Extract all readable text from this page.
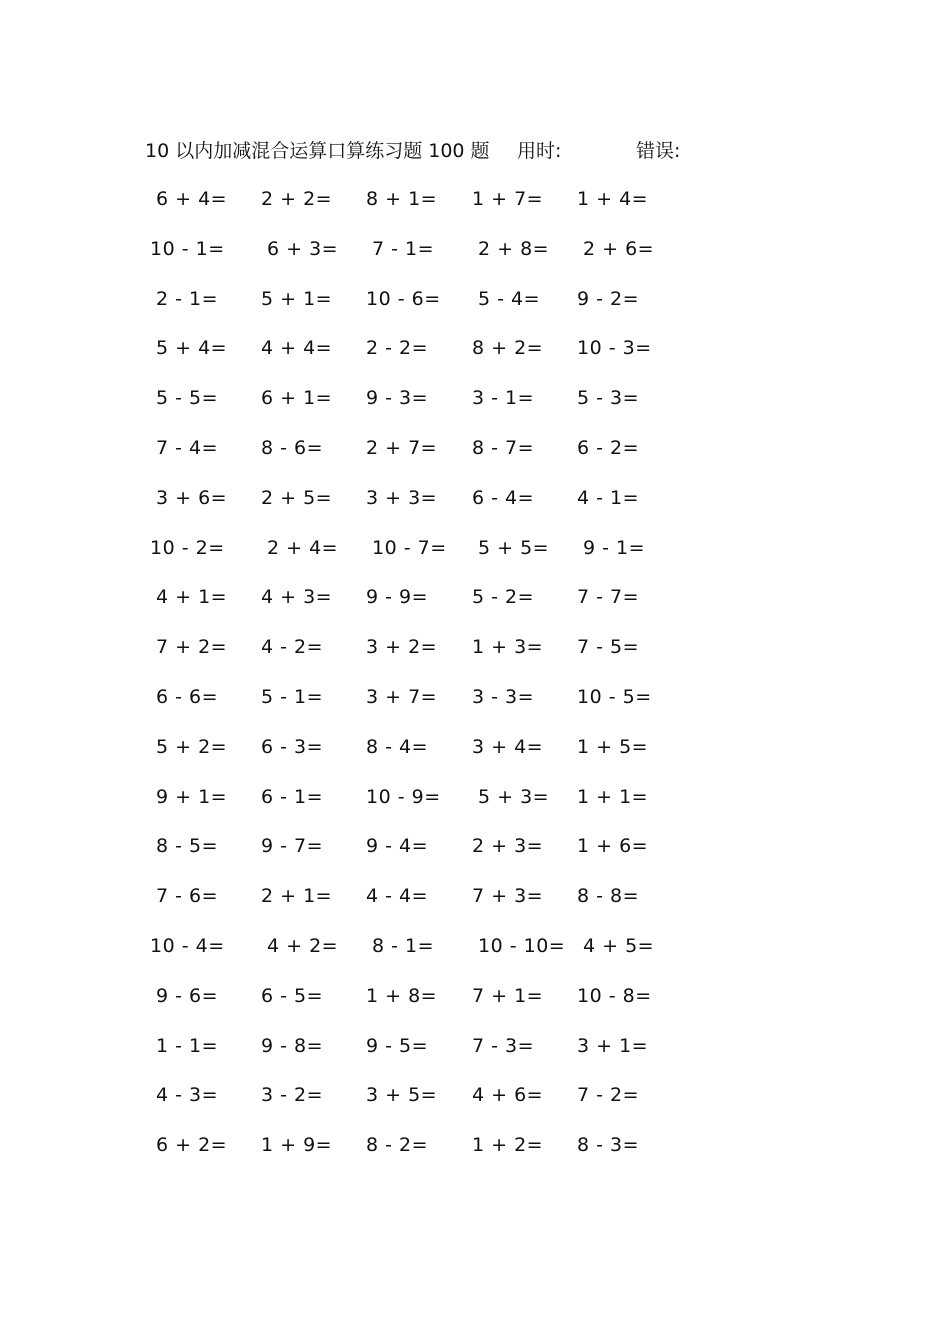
10 以内加减混合运算口算练习题 100 题 用时:	错误:
6 + 4= 2 + 2= 8 + 1= 1 + 7= 1 + 4=
10 - 1= 6 + 3= 7 - 1= 2 + 8= 2 + 6=
2 - 1= 5 + 1= 10 - 6= 5 - 4= 9 - 2=
5 + 4= 4 + 4= 2 - 2= 8 + 2= 10 - 3=
5 - 5= 6 + 1= 9 - 3= 3 - 1= 5 - 3=
7 - 4= 8 - 6= 2 + 7= 8 - 7= 6 - 2=
3 + 6= 2 + 5= 3 + 3= 6 - 4= 4 - 1=
10 - 2= 2 + 4= 10 - 7= 5 + 5= 9 - 1=
4 + 1= 4 + 3= 9 - 9= 5 - 2= 7 - 7=
7 + 2= 4 - 2= 3 + 2= 1 + 3= 7 - 5=
6 - 6= 5 - 1= 3 + 7= 3 - 3= 10 - 5=
5 + 2= 6 - 3= 8 - 4= 3 + 4= 1 + 5=
9 + 1= 6 - 1= 10 - 9= 5 + 3= 1 + 1=
8 - 5= 9 - 7= 9 - 4= 2 + 3= 1 + 6=
7 - 6= 2 + 1= 4 - 4= 7 + 3= 8 - 8=
10 - 4= 4 + 2= 8 - 1= 10 - 10= 4 + 5=
9 - 6= 6 - 5= 1 + 8= 7 + 1= 10 - 8=
1 - 1= 9 - 8= 9 - 5= 7 - 3= 3 + 1=
4 - 3= 3 - 2= 3 + 5= 4 + 6= 7 - 2=
6 + 2= 1 + 9= 8 - 2= 1 + 2= 8 - 3=
